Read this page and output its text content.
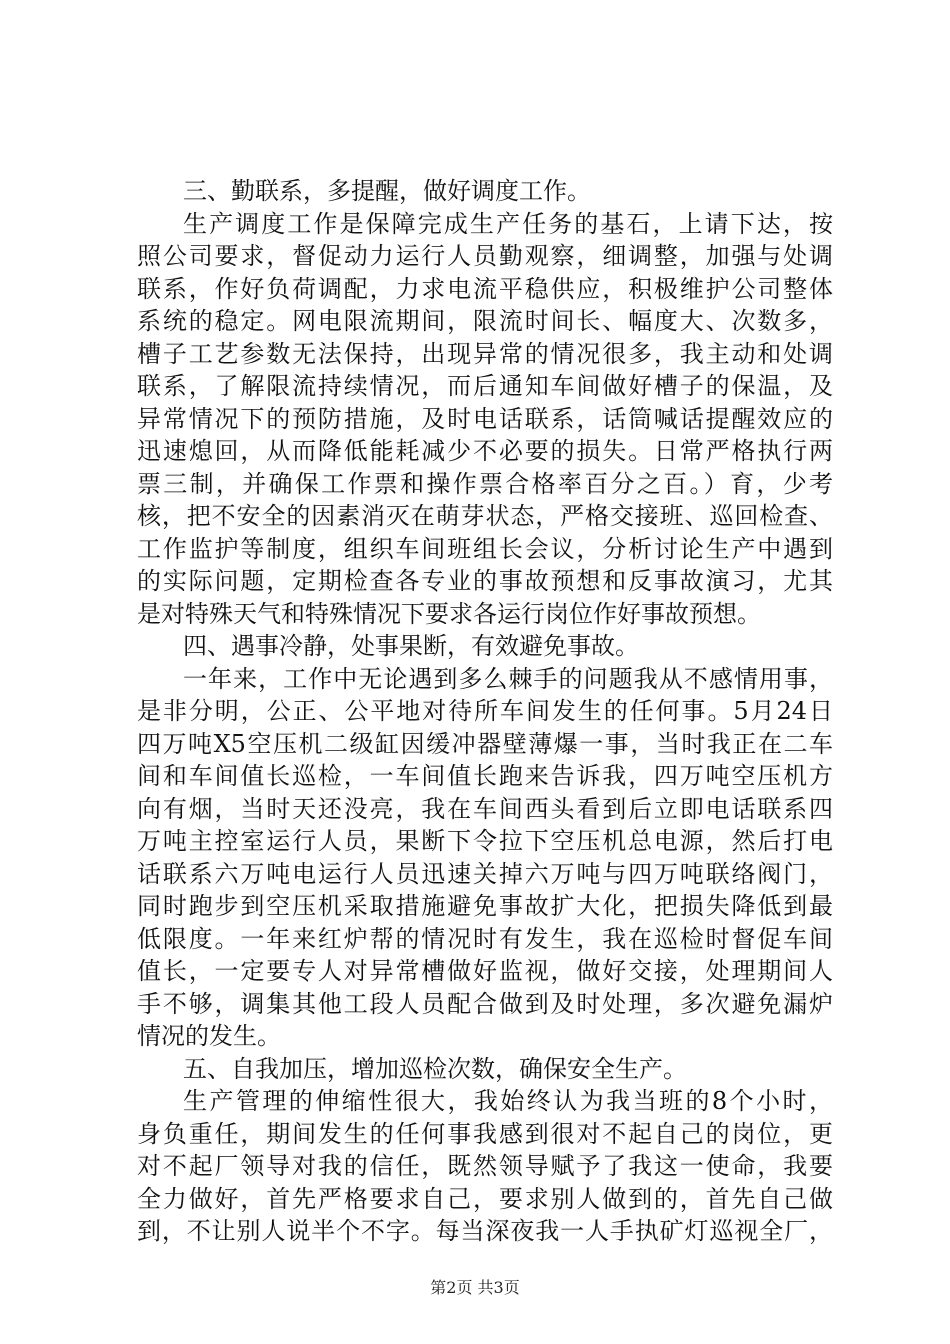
三、勤联系，多提醒，做好调度工作。
生产调度工作是保障完成生产任务的基石，上请下达，按
照公司要求，督促动力运行人员勤观察，细调整，加强与处调
联系，作好负荷调配，力求电流平稳供应，积极维护公司整体
系统的稳定。网电限流期间，限流时间长、幅度大、次数多，
槽子工艺参数无法保持，出现异常的情况很多，我主动和处调
联系，了解限流持续情况，而后通知车间做好槽子的保温，及
异常情况下的预防措施，及时电话联系，话筒喊话提醒效应的
迅速熄回，从而降低能耗减少不必要的损失。日常严格执行两
票三制，并确保工作票和操作票合格率百分之百。）育，少考
核，把不安全的因素消灭在萌芽状态，严格交接班、巡回检查、
工作监护等制度，组织车间班组长会议，分析讨论生产中遇到
的实际问题，定期检查各专业的事故预想和反事故演习，尤其
是对特殊天气和特殊情况下要求各运行岗位作好事故预想。
四、遇事冷静，处事果断，有效避免事故。
一年来，工作中无论遇到多么棘手的问题我从不感情用事，
是非分明，公正、公平地对待所车间发生的任何事。5月24日
四万吨X5空压机二级缸因缓冲器壁薄爆一事，当时我正在二车
间和车间值长巡检，一车间值长跑来告诉我，四万吨空压机方
向有烟，当时天还没亮，我在车间西头看到后立即电话联系四
万吨主控室运行人员，果断下令拉下空压机总电源，然后打电
话联系六万吨电运行人员迅速关掉六万吨与四万吨联络阀门，
同时跑步到空压机采取措施避免事故扩大化，把损失降低到最
低限度。一年来红炉帮的情况时有发生，我在巡检时督促车间
值长，一定要专人对异常槽做好监视，做好交接，处理期间人
手不够，调集其他工段人员配合做到及时处理，多次避免漏炉
情况的发生。
五、自我加压，增加巡检次数，确保安全生产。
生产管理的伸缩性很大，我始终认为我当班的8个小时，
身负重任，期间发生的任何事我感到很对不起自己的岗位，更
对不起厂领导对我的信任，既然领导赋予了我这一使命，我要
全力做好，首先严格要求自己，要求别人做到的，首先自己做
到，不让别人说半个不字。每当深夜我一人手执矿灯巡视全厂，
第2页 共3页
